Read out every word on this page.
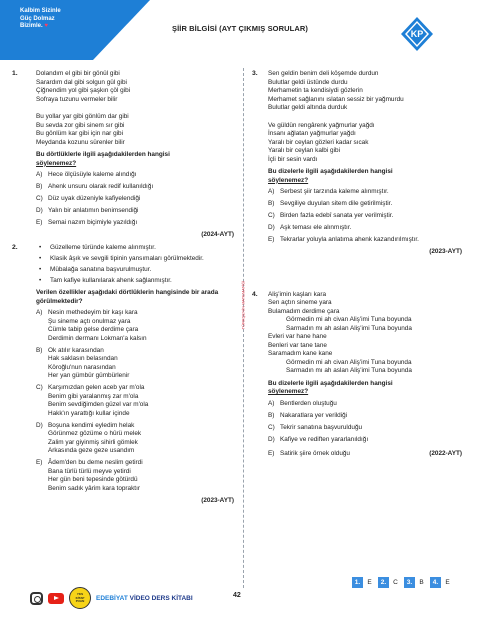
Kalbim Sizinle
Güç Dolmaz
Bizimle. ♥	ŞİİR BİLGİSİ (AYT ÇIKMIŞ SORULAR)
KP
TÜRKÇENİN MATEMATİĞİ
1.	Dolandım el gibi bir gönül gibi

Sarardım dal gibi solgun gül gibi

Çiğnendim yol gibi şaşkın çöl gibi

Sofraya tuzunu vermeler bilir

Bu yollar yar gibi gönlüm dar gibi

Bu sevda zor gibi sinem sır gibi

Bu gönlüm kar gibi için nar gibi

Meydanda kozunu sürenler bilir

Bu dörtlüklerle ilgili aşağıdakilerden hangisi
söylenemez?
A) Hece ölçüsüyle kaleme alındığı
B) Ahenk unsuru olarak redif kullanıldığı
C) Düz uyak düzeniyle kafiyelendiği
D) Yalın bir anlatımın benimsendiği
E) Semai nazım biçimiyle yazıldığı
(2024-AYT)
2.	•	Güzelleme türünde kaleme alınmıştır.
•	Klasik âşık ve sevgili tipinin yansımaları görülmektedir.
•	Mübalağa sanatına başvurulmuştur.
•	Tam kafiye kullanılarak ahenk sağlanmıştır.
Verilen özellikler aşağıdaki dörtlüklerin hangisinde bir arada görülmektedir?
A) Nesin methedeyim bir kaşı kara

Şu sineme açtı onulmaz yara

Cümle tabip gelse derdime çara

Derdimin dermanı Lokman'a kalsın

B) Ok atılır karasından

Hak saklasın belasından

Köroğlu'nun narasından

Her yan gümbür gümbürlenir

C) Karşımızdan gelen aceb yar m'ola

Benim gibi yaralanmış zar m'ola

Benim sevdiğimden güzel var m'ola

Hakk'ın yarattığı kullar içinde

D) Boşuna kendimi eyledim helak

Görünmez gözüme o hûrü melek

Zalim yar giyinmiş sihirli gömlek

Arkasında geze geze usandım

E) Âdem'den bu deme neslim getirdi

Bana türlü türlü meyve yetirdi

Her gün beni tepesinde götürdü

Benim sadık yârim kara topraktır

(2023-AYT)
3. Sen geldin benim deli köşemde durdun

Bulutlar geldi üstünde durdu

Merhametin ta kendisiydi gözlerin

Merhamet sağlanını ıslatan sessiz bir yağmurdu

Bulutlar geldi altında durduk

Ve güldün rengârenk yağmurlar yağdı

İnsanı ağlatan yağmurlar yağdı

Yaralı bir ceylan gözleri kadar sıcak

Yaralı bir ceylan kalbi gibi

İçli bir sesin vardı

Bu dizelerle ilgili aşağıdakilerden hangisi
söylenemez?
A) Serbest şiir tarzında kaleme alınmıştır.
B) Sevgiliye duyulan sitem dile getirilmiştir.
C) Birden fazla edebî sanata yer verilmiştir.
D) Aşk teması ele alınmıştır.
E) Tekrarlar yoluyla anlatıma ahenk kazandırılmıştır.
(2023-AYT)
4. Aliş'imin kaşları kara

Sen açtın sineme yara

Bulamadım derdime çara

Görmedin mi ah civan Aliş'imi Tuna boyunda

Sarmadın mı ah aslan Aliş'imi Tuna boyunda

Evleri var hane hane

Benleri var tane tane

Saramadım kane kane

Görmedin mi ah civan Aliş'imi Tuna boyunda

Sarmadın mı ah aslan Aliş'imi Tuna boyunda

Bu dizelerle ilgili aşağıdakilerden hangisi
söylenemez?
A) Bentlerden oluştuğu
B) Nakaratlara yer verildiği
C) Tekrir sanatına başvurulduğu
D) Kafiye ve rediften yararlanıldığı
E) Satirik şiire örnek olduğu	(2022-AYT)
YKS
KİTAP
PUAN	EDEBİYAT VİDEO DERS KİTABI	42
1.	E	2.	C	3.	B	4.	E
